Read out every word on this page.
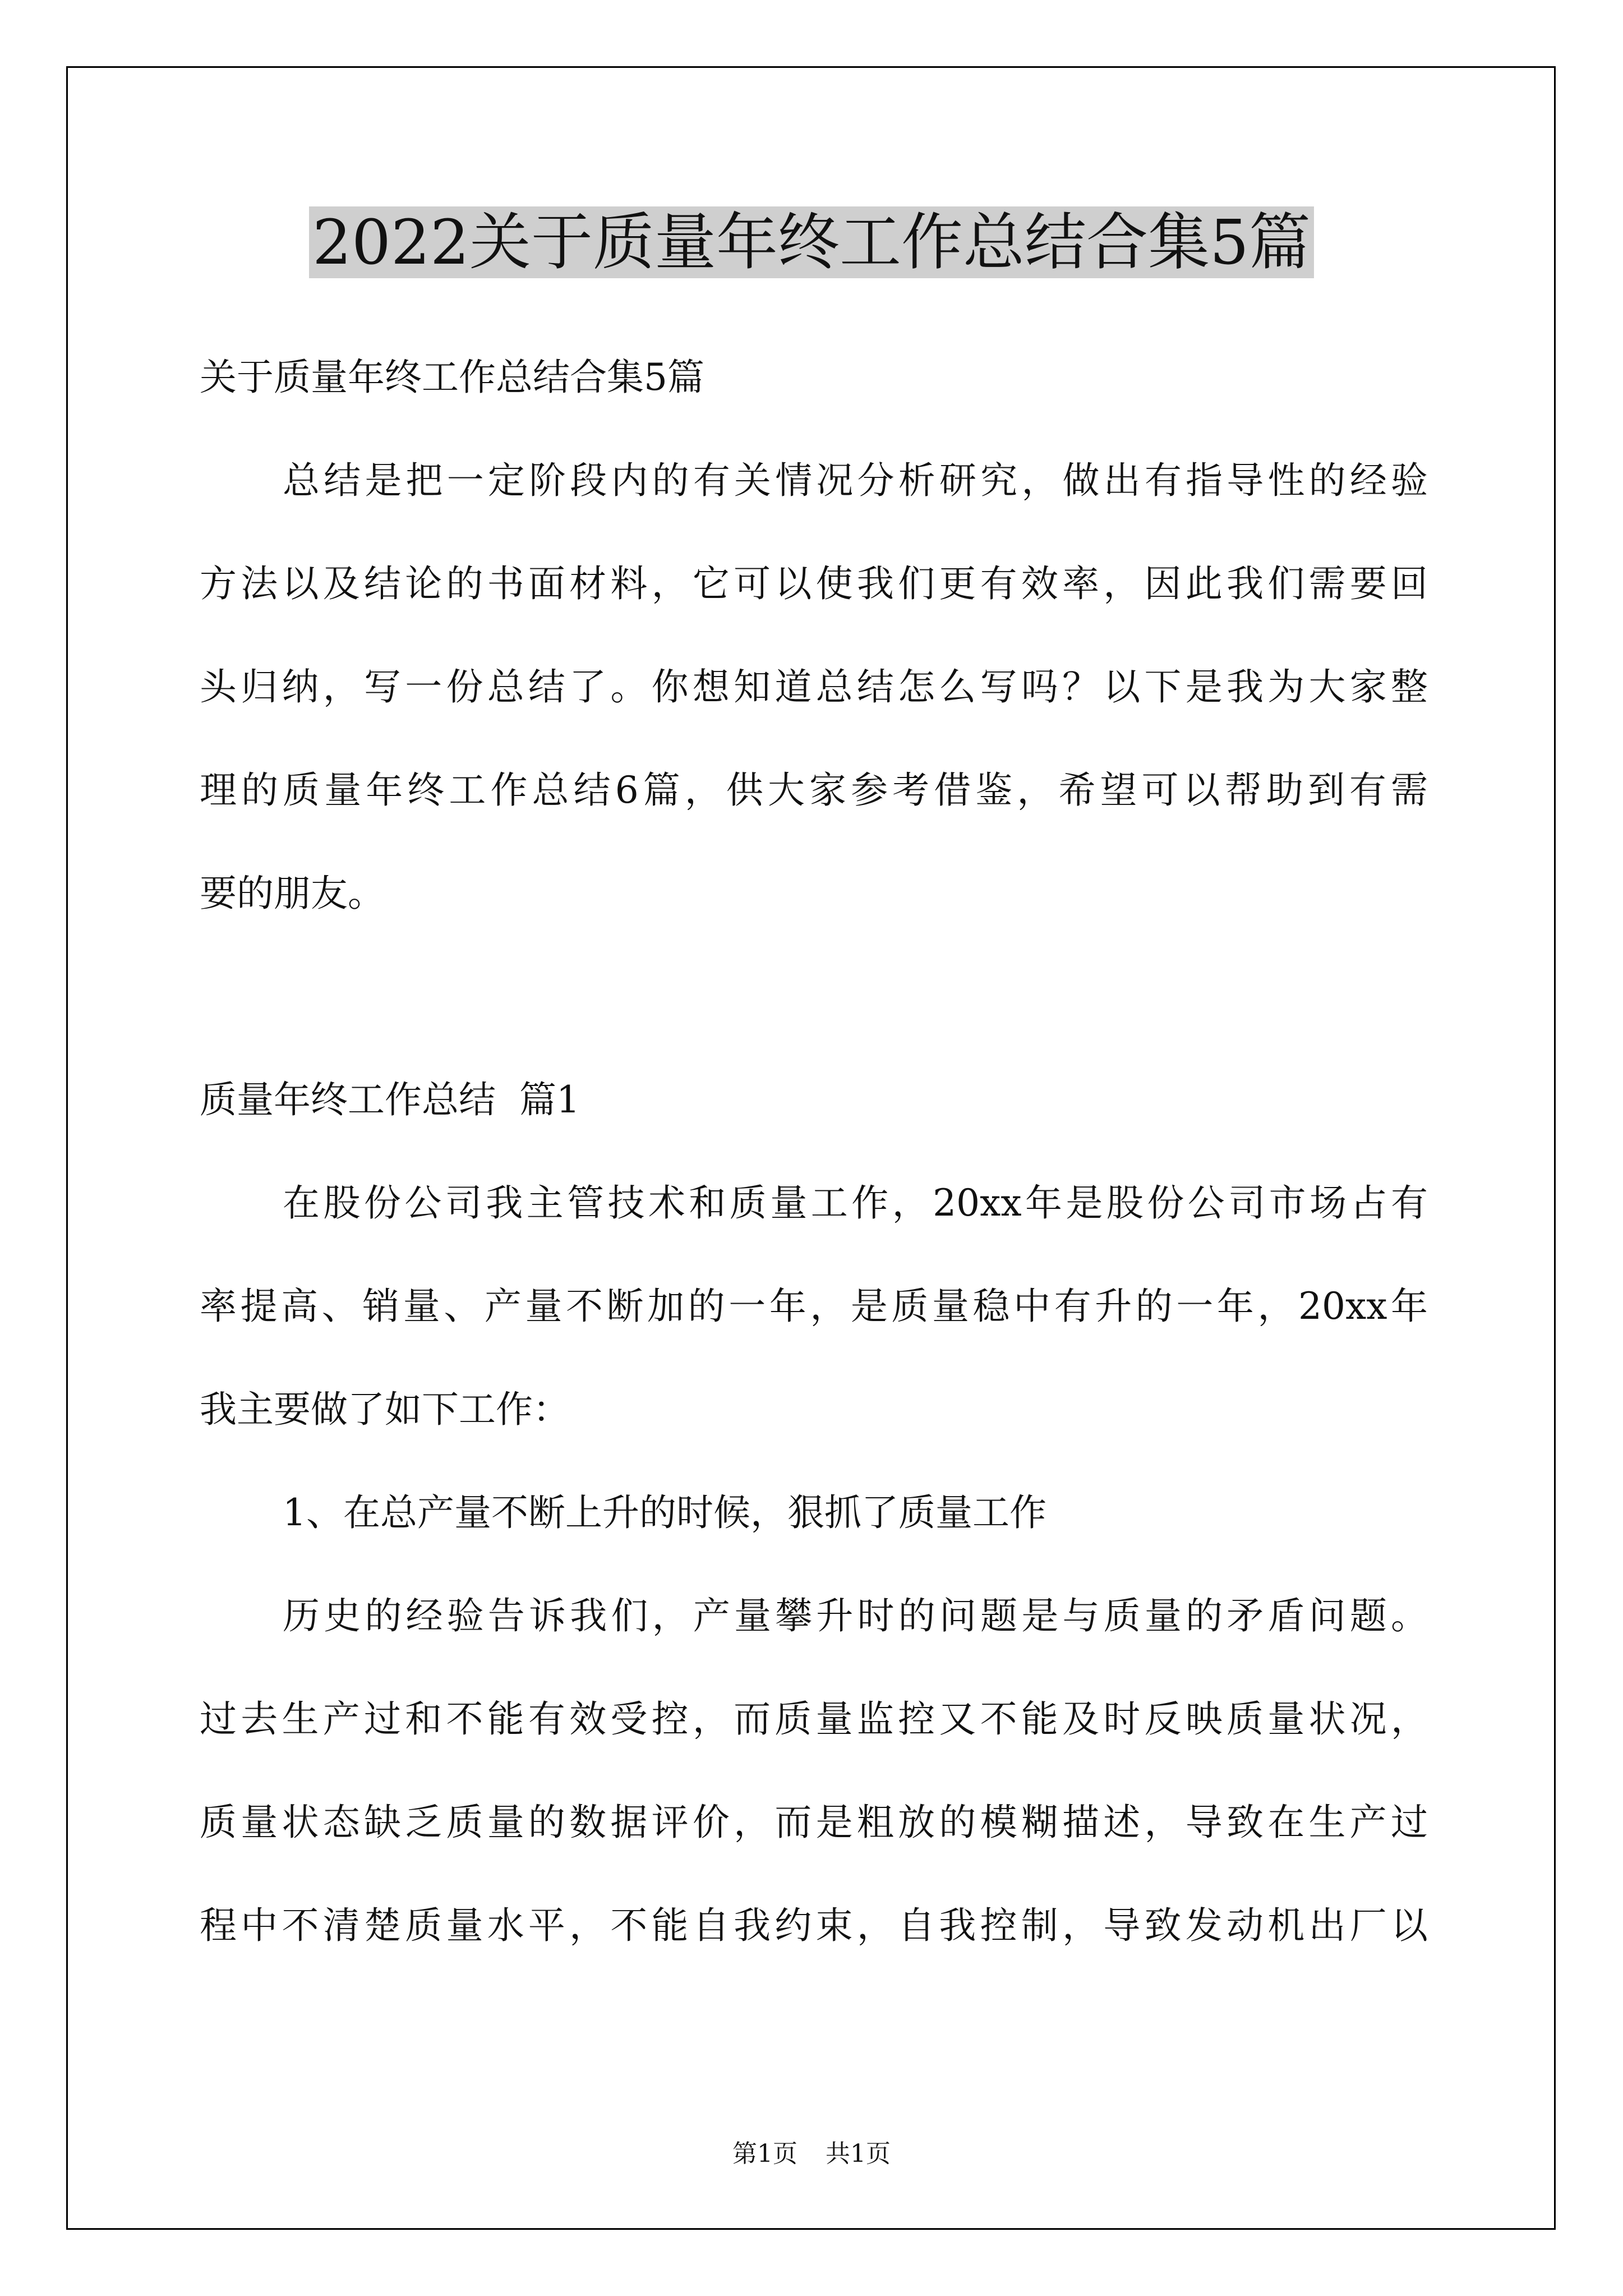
2022关于质量年终工作总结合集5篇

关于质量年终工作总结合集5篇

总结是把一定阶段内的有关情况分析研究，做出有指导性的经验

方法以及结论的书面材料，它可以使我们更有效率，因此我们需要回

头归纳，写一份总结了。你想知道总结怎么写吗？以下是我为大家整

理的质量年终工作总结6篇，供大家参考借鉴，希望可以帮助到有需

要的朋友。

质量年终工作总结  篇1

在股份公司我主管技术和质量工作，20xx年是股份公司市场占有

率提高、销量、产量不断加的一年，是质量稳中有升的一年，20xx年

我主要做了如下工作：

1、在总产量不断上升的时候，狠抓了质量工作

历史的经验告诉我们，产量攀升时的问题是与质量的矛盾问题。

过去生产过和不能有效受控，而质量监控又不能及时反映质量状况，

质量状态缺乏质量的数据评价，而是粗放的模糊描述，导致在生产过

程中不清楚质量水平，不能自我约束，自我控制，导致发动机出厂以

第1页 共1页
